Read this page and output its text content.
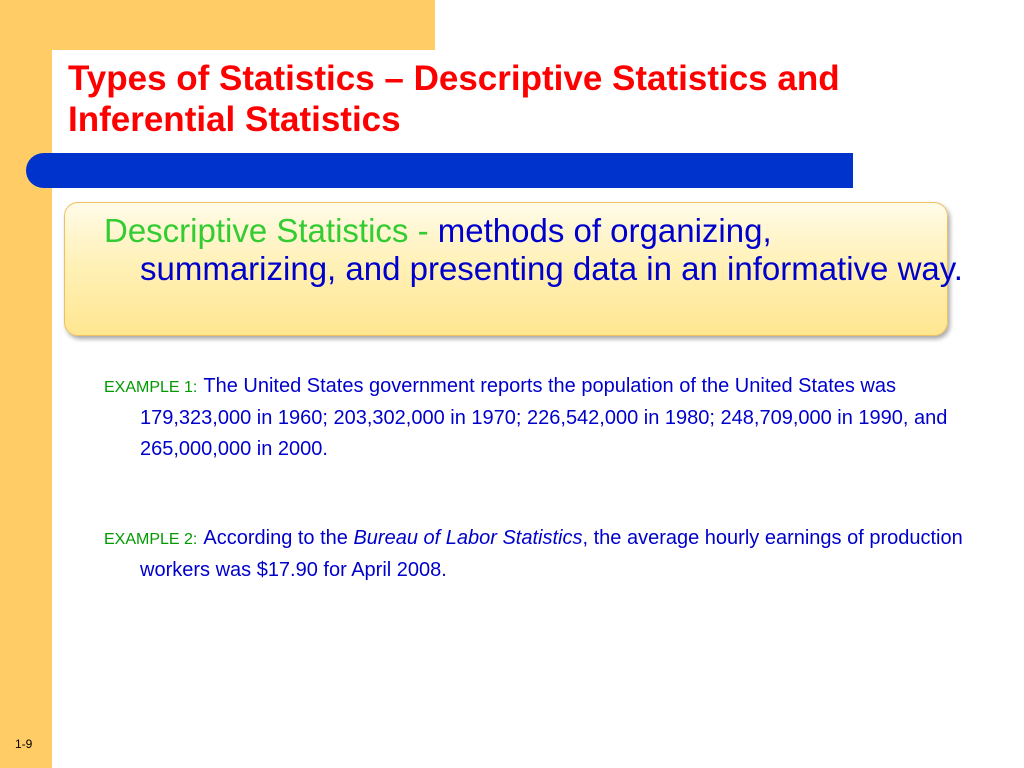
Types of Statistics – Descriptive Statistics and Inferential Statistics

Descriptive Statistics - methods of organizing, summarizing, and presenting data in an informative way.

EXAMPLE 1: The United States government reports the population of the United States was 179,323,000 in 1960; 203,302,000 in 1970; 226,542,000 in 1980; 248,709,000 in 1990, and 265,000,000 in 2000.

EXAMPLE 2: According to the Bureau of Labor Statistics, the average hourly earnings of production workers was $17.90 for April 2008.

1-9
